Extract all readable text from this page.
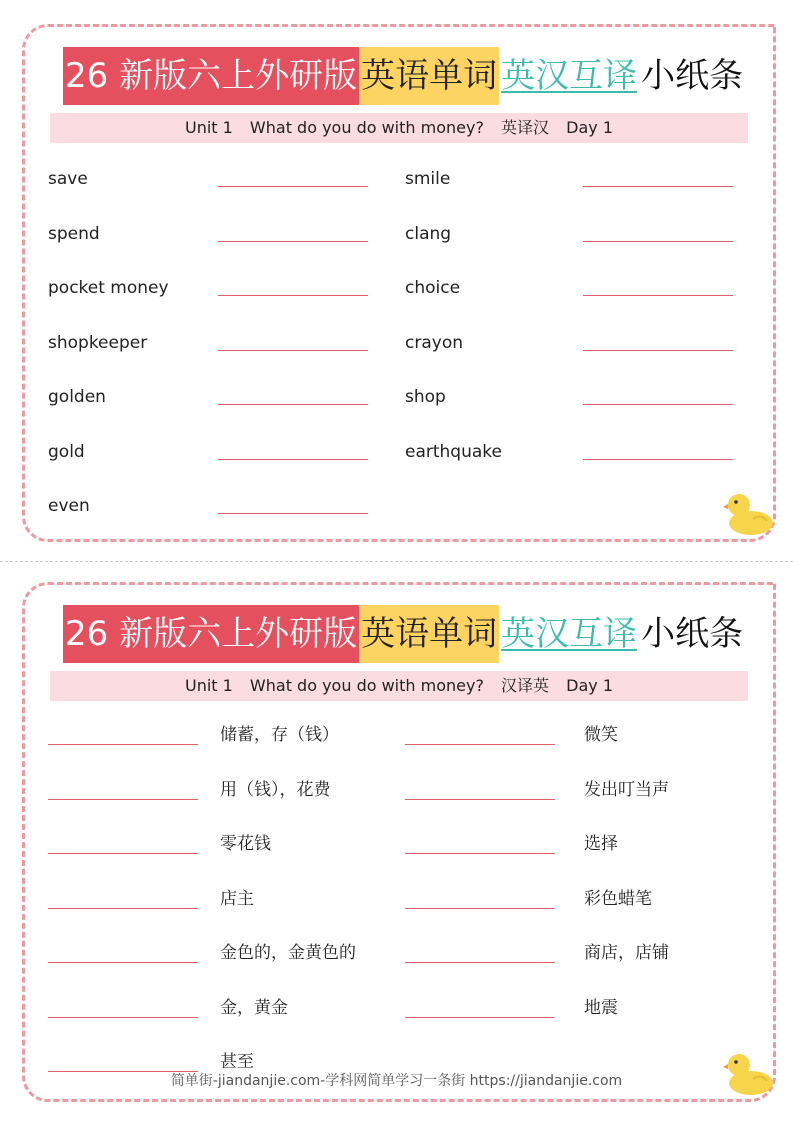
26 新版六上外研版 英语单词 英汉互译 小纸条
Unit 1 What do you do with money? 英译汉 Day 1
save
spend
pocket money
shopkeeper
golden
gold
even
smile
clang
choice
crayon
shop
earthquake
26 新版六上外研版 英语单词 英汉互译 小纸条
Unit 1 What do you do with money? 汉译英 Day 1
储蓄，存（钱）
用（钱），花费
零花钱
店主
金色的，金黄色的
金，黄金
甚至
微笑
发出叮当声
选择
彩色蜡笔
商店，店铺
地震
简单街-jiandanjie.com-学科网简单学习一条街 https://jiandanjie.com
